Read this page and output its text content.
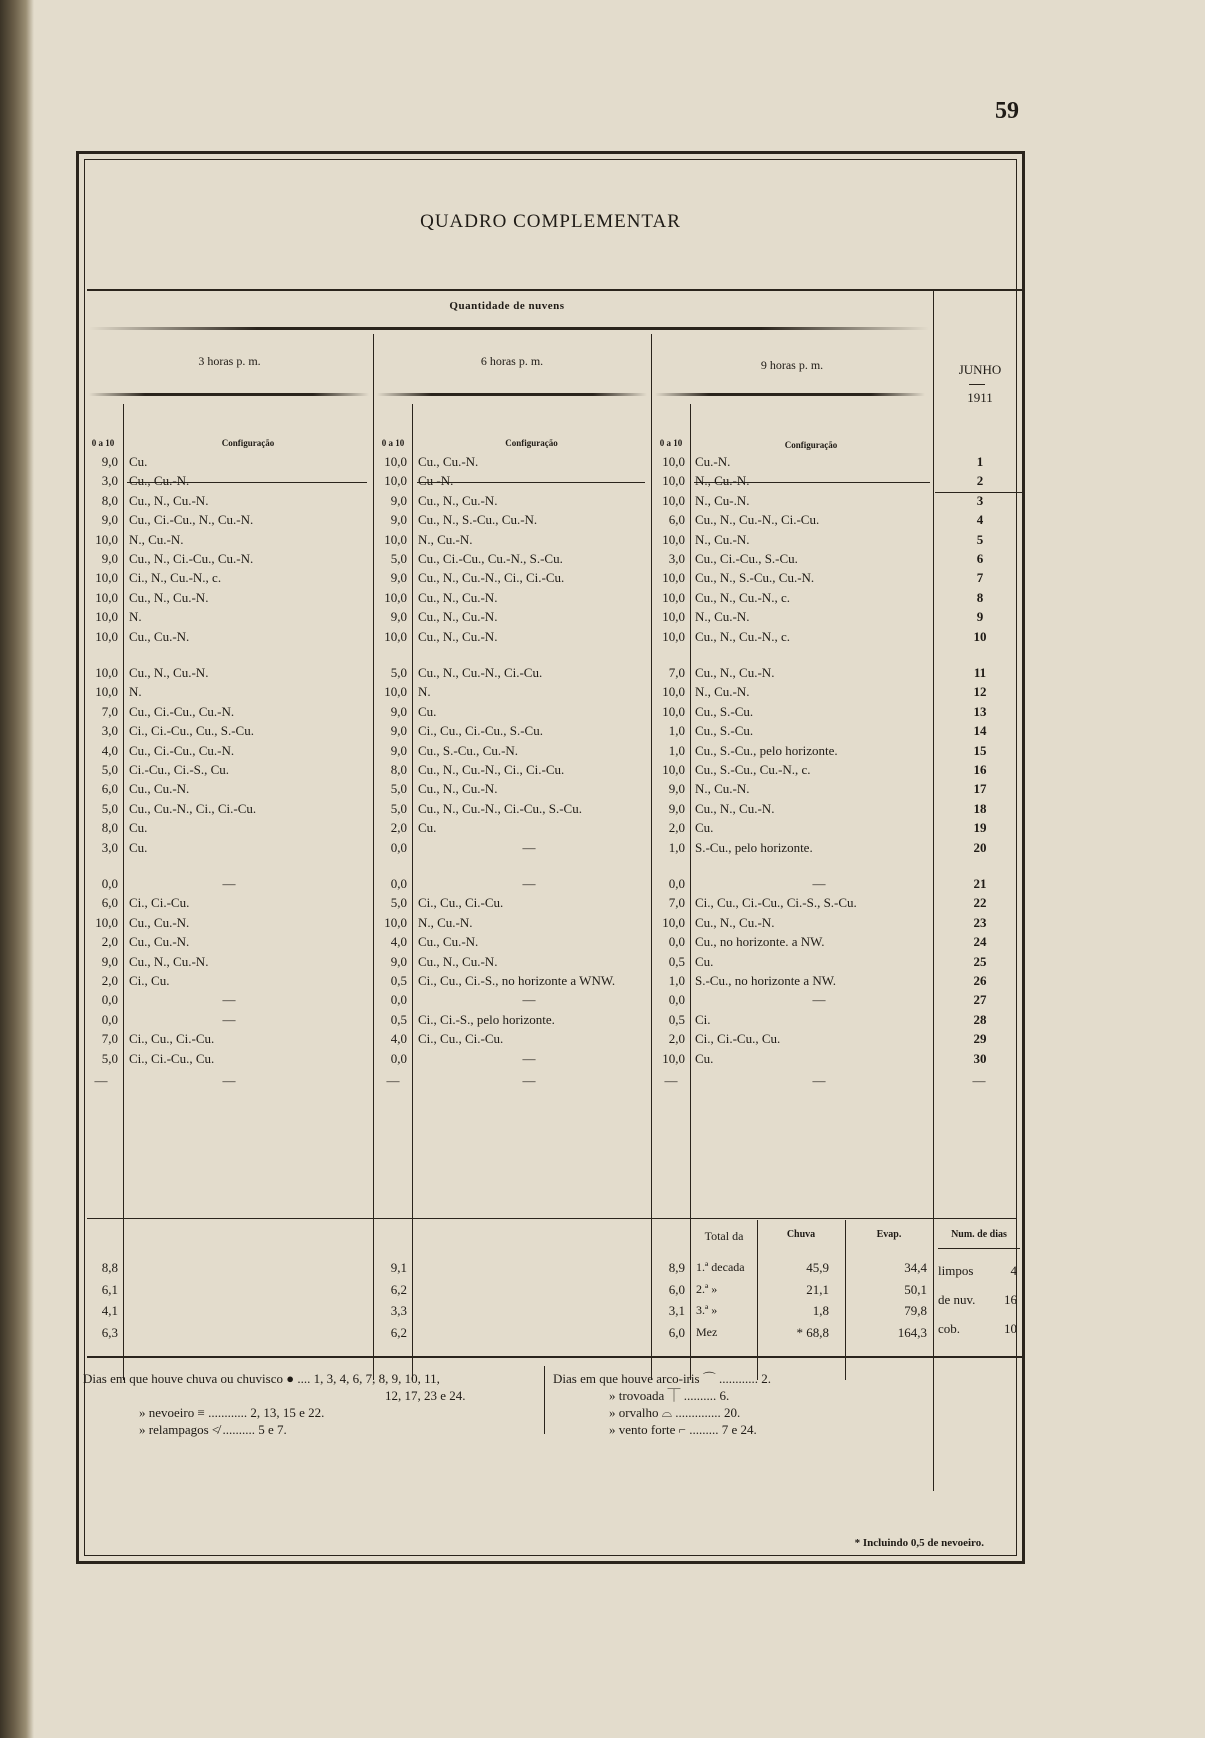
59
QUADRO COMPLEMENTAR
Quantidade de nuvens
3 horas p. m.	6 horas p. m.	9 horas p. m.	JUNHO
1911
0 a 10	Configuração	0 a 10	Configuração	0 a 10	Configuração
9,0 Cu.	10,0 Cu., Cu.-N.	10,0 Cu.-N.	1
3,0 Cu., Cu.-N.	10,0 Cu -N.	10,0 N., Cu.-N.	2
8,0 Cu., N., Cu.-N.	9,0 Cu., N., Cu.-N.	10,0 N., Cu-.N.	3
9,0 Cu., Ci.-Cu., N., Cu.-N.	9,0 Cu., N., S.-Cu., Cu.-N.	6,0 Cu., N., Cu.-N., Ci.-Cu.	4
10,0 N., Cu.-N.	10,0 N., Cu.-N.	10,0 N., Cu.-N.	5
9,0 Cu., N., Ci.-Cu., Cu.-N.	5,0 Cu., Ci.-Cu., Cu.-N., S.-Cu.	3,0 Cu., Ci.-Cu., S.-Cu.	6
10,0 Ci., N., Cu.-N., c.	9,0 Cu., N., Cu.-N., Ci., Ci.-Cu.	10,0 Cu., N., S.-Cu., Cu.-N.	7
10,0 Cu., N., Cu.-N.	10,0 Cu., N., Cu.-N.	10,0 Cu., N., Cu.-N., c.	8
10,0 N.	9,0 Cu., N., Cu.-N.	10,0 N., Cu.-N.	9
10,0 Cu., Cu.-N.	10,0 Cu., N., Cu.-N.	10,0 Cu., N., Cu.-N., c.	10
10,0 Cu., N., Cu.-N.	5,0 Cu., N., Cu.-N., Ci.-Cu.	7,0 Cu., N., Cu.-N.	11
10,0 N.	10,0 N.	10,0 N., Cu.-N.	12
7,0 Cu., Ci.-Cu., Cu.-N.	9,0 Cu.	10,0 Cu., S.-Cu.	13
3,0 Ci., Ci.-Cu., Cu., S.-Cu.	9,0 Ci., Cu., Ci.-Cu., S.-Cu.	1,0 Cu., S.-Cu.	14
4,0 Cu., Ci.-Cu., Cu.-N.	9,0 Cu., S.-Cu., Cu.-N.	1,0 Cu., S.-Cu., pelo horizonte.	15
5,0 Ci.-Cu., Ci.-S., Cu.	8,0 Cu., N., Cu.-N., Ci., Ci.-Cu.	10,0 Cu., S.-Cu., Cu.-N., c.	16
6,0 Cu., Cu.-N.	5,0 Cu., N., Cu.-N.	9,0 N., Cu.-N.	17
5,0 Cu., Cu.-N., Ci., Ci.-Cu.	5,0 Cu., N., Cu.-N., Ci.-Cu., S.-Cu.	9,0 Cu., N., Cu.-N.	18
8,0 Cu.	2,0 Cu.	2,0 Cu.	19
3,0 Cu.	0,0	—	1,0 S.-Cu., pelo horizonte.	20
0,0	—	0,0	—	0,0	—	21
6,0 Ci., Ci.-Cu.	5,0 Ci., Cu., Ci.-Cu.	7,0 Ci., Cu., Ci.-Cu., Ci.-S., S.-Cu.	22
10,0 Cu., Cu.-N.	10,0 N., Cu.-N.	10,0 Cu., N., Cu.-N.	23
2,0 Cu., Cu.-N.	4,0 Cu., Cu.-N.	0,0 Cu., no horizonte. a NW.	24
9,0 Cu., N., Cu.-N.	9,0 Cu., N., Cu.-N.	0,5 Cu.	25
2,0 Ci., Cu.	0,5 Ci., Cu., Ci.-S., no horizonte a WNW.	1,0 S.-Cu., no horizonte a NW.	26
0,0	—	0,0	—	0,0	—	27
0,0	—	0,5 Ci., Ci.-S., pelo horizonte.	0,5 Ci.	28
7,0 Ci., Cu., Ci.-Cu.	4,0 Ci., Cu., Ci.-Cu.	2,0 Ci., Ci.-Cu., Cu.	29
5,0 Ci., Ci.-Cu., Cu.	0,0	—	10,0 Cu.	30
—	—	—	—	—	—	—
Total da	Chuva	Evap.	Num. de dias
8,8	9,1	8,9 1.ª decada	45,9	34,4
6,1	6,2	6,0 2.ª »	21,1	50,1
4,1	3,3	3,1 3.ª »	1,8	79,8
6,3	6,2	6,0 Mez	* 68,8	164,3
limpos	4
de nuv.	16
cob.	10
Dias em que houve chuva ou chuvisco ● .... 1, 3, 4, 6, 7, 8, 9, 10, 11,
12, 17, 23 e 24.
» nevoeiro ≡ ............ 2, 13, 15 e 22.
» relampagos ≮ .......... 5 e 7.
Dias em que houve arco-iris ⌒ ............ 2.
» trovoada ⏉ .......... 6.
» orvalho ⌓ .............. 20.
» vento forte ⌐ ......... 7 e 24.
* Incluindo 0,5 de nevoeiro.
